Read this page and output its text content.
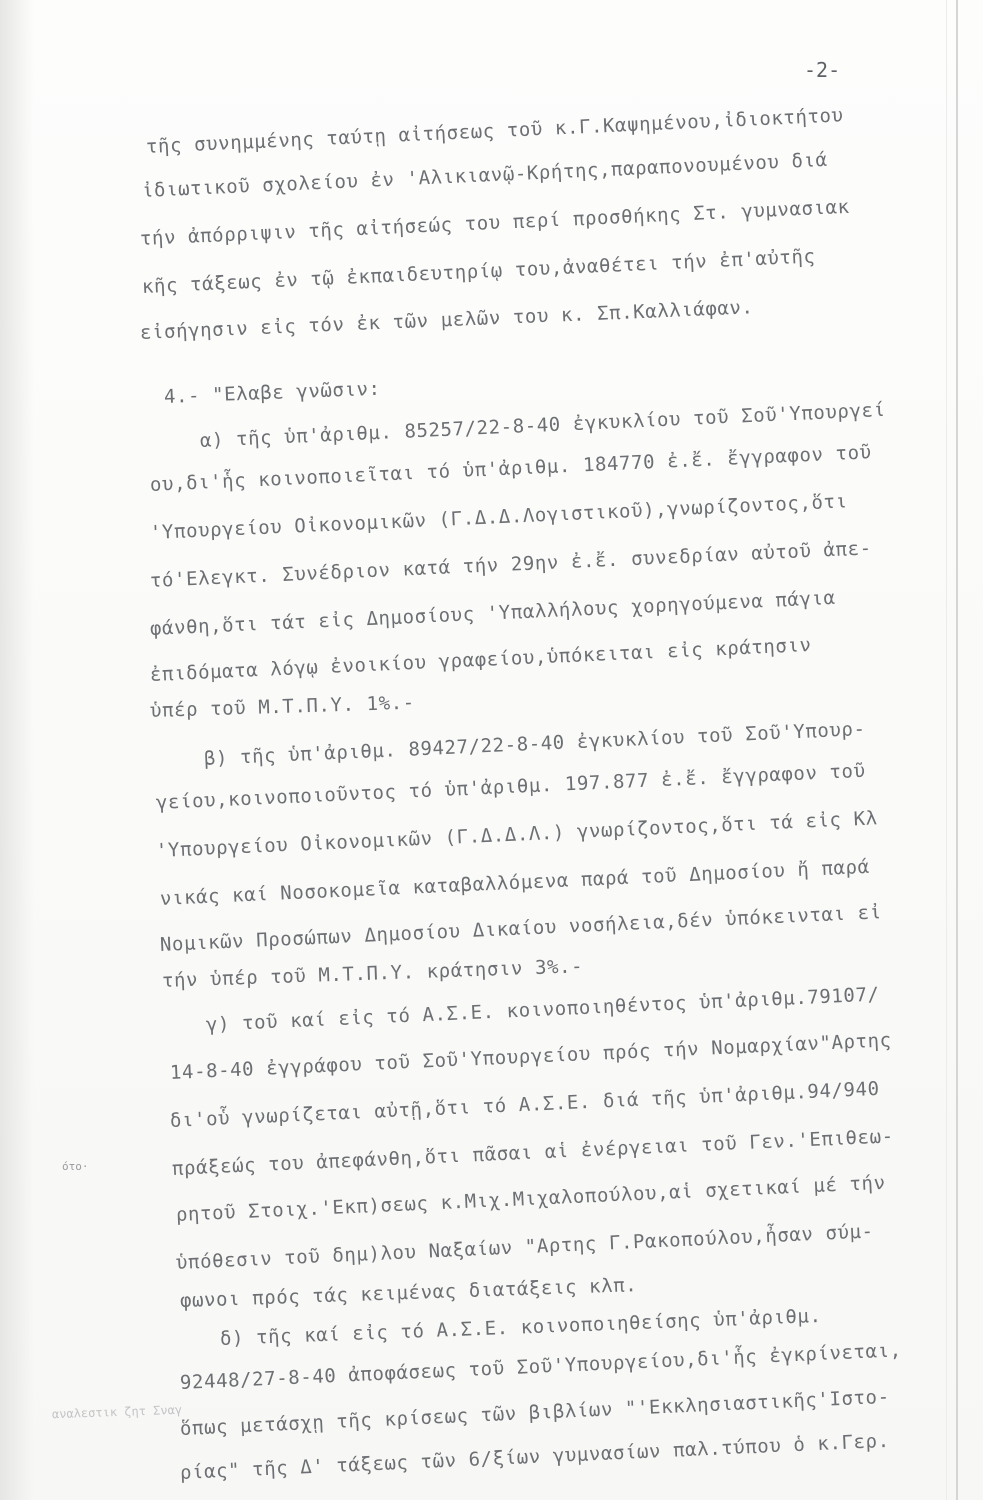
-2-
τῆς συνημμένης ταύτῃ αἰτήσεως τοῦ κ.Γ.Καψημένου,ἰδιοκτήτου
ἰδιωτικοῦ σχολείου ἐν 'Αλικιανῷ-Κρήτης,παραπονουμένου διά
τήν ἀπόρριψιν τῆς αἰτήσεώς του περί προσθήκης Στ. γυμνασιακ
κῆς τάξεως ἐν τῷ ἐκπαιδευτηρίῳ του,ἀναθέτει τήν ἐπ'αὐτῆς
εἰσήγησιν εἰς τόν ἐκ τῶν μελῶν του κ. Σπ.Καλλιάφαν.
4.- "Ελαβε γνῶσιν:
α) τῆς ὑπ'ἀριθμ. 85257/22-8-40 ἐγκυκλίου τοῦ Σοῦ'Υπουργεί
ου,δι'ἧς κοινοποιεῖται τό ὑπ'ἀριθμ. 184770 ἐ.ἔ. ἔγγραφον τοῦ
'Υπουργείου Οἰκονομικῶν (Γ.Δ.Δ.Λογιστικοῦ),γνωρίζοντος,ὅτι
τό'Ελεγκτ. Συνέδριον κατά τήν 29ην ἐ.ἔ. συνεδρίαν αὐτοῦ ἀπε-
φάνθη,ὅτι τάτ εἰς Δημοσίους 'Υπαλλήλους χορηγούμενα πάγια
ἐπιδόματα λόγῳ ἐνοικίου γραφείου,ὑπόκειται εἰς κράτησιν
ὑπέρ τοῦ Μ.Τ.Π.Υ. 1%.-
β) τῆς ὑπ'ἀριθμ. 89427/22-8-40 ἐγκυκλίου τοῦ Σοῦ'Υπουρ-
γείου,κοινοποιοῦντος τό ὑπ'ἀριθμ. 197.877 ἐ.ἔ. ἔγγραφον τοῦ
'Υπουργείου Οἰκονομικῶν (Γ.Δ.Δ.Λ.) γνωρίζοντος,ὅτι τά εἰς Κλ
νικάς καί Νοσοκομεῖα καταβαλλόμενα παρά τοῦ Δημοσίου ἤ παρά
Νομικῶν Προσώπων Δημοσίου Δικαίου νοσήλεια,δέν ὑπόκεινται εἰ
τήν ὑπέρ τοῦ Μ.Τ.Π.Υ. κράτησιν 3%.-
γ) τοῦ καί εἰς τό Α.Σ.Ε. κοινοποιηθέντος ὑπ'ἀριθμ.79107/
14-8-40 ἐγγράφου τοῦ Σοῦ'Υπουργείου πρός τήν Νομαρχίαν"Αρτης
δι'οὗ γνωρίζεται αὐτῇ,ὅτι τό Α.Σ.Ε. διά τῆς ὑπ'ἀριθμ.94/940
πράξεώς του ἀπεφάνθη,ὅτι πᾶσαι αἱ ἐνέργειαι τοῦ Γεν.'Επιθεω-
ρητοῦ Στοιχ.'Εκπ)σεως κ.Μιχ.Μιχαλοπούλου,αἱ σχετικαί μέ τήν
ὑπόθεσιν τοῦ δημ)λου Ναξαίων "Αρτης Γ.Ρακοπούλου,ἦσαν σύμ-
φωνοι πρός τάς κειμένας διατάξεις κλπ.
δ) τῆς καί εἰς τό Α.Σ.Ε. κοινοποιηθείσης ὑπ'ἀριθμ.
92448/27-8-40 ἀποφάσεως τοῦ Σοῦ'Υπουργείου,δι'ἧς ἐγκρίνεται,
ὅπως μετάσχῃ τῆς κρίσεως τῶν βιβλίων "'Εκκλησιαστικῆς'Ιστο-
ρίας" τῆς Δ' τάξεως τῶν 6/ξίων γυμνασίων παλ.τύπου ὁ κ.Γερ.
ότο·
αναλεστικ ζητ Σναγ
